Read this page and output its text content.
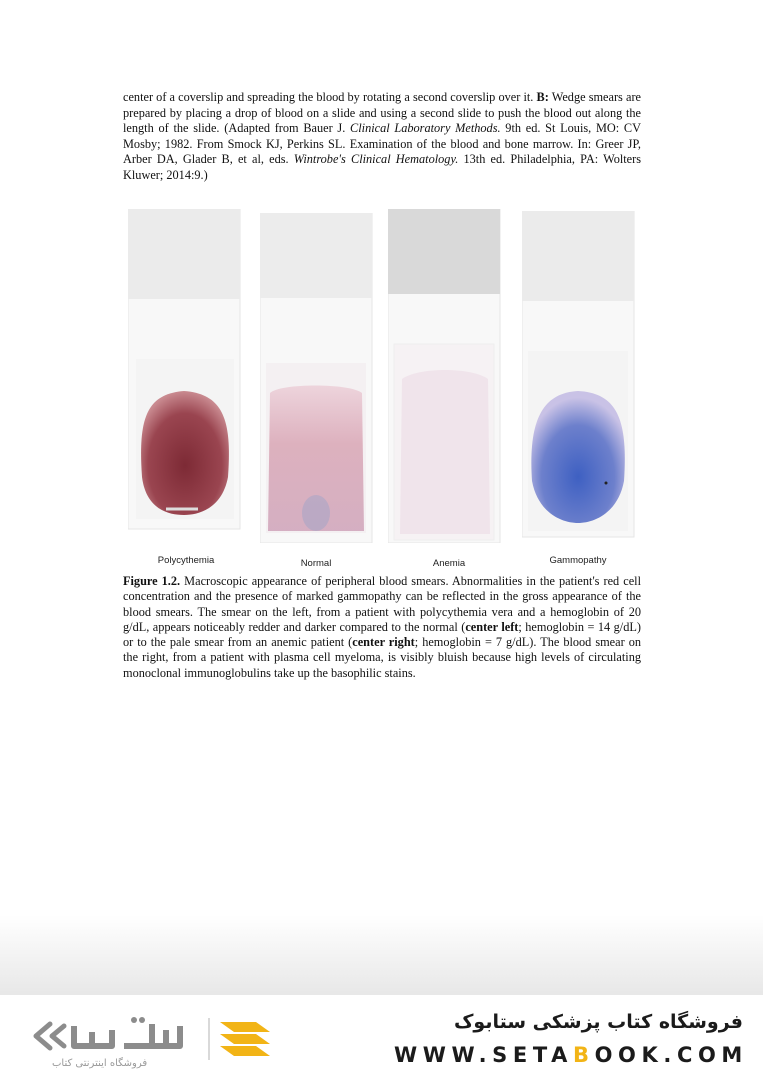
center of a coverslip and spreading the blood by rotating a second coverslip over it. B: Wedge smears are prepared by placing a drop of blood on a slide and using a second slide to push the blood out along the length of the slide. (Adapted from Bauer J. Clinical Laboratory Methods. 9th ed. St Louis, MO: CV Mosby; 1982. From Smock KJ, Perkins SL. Examination of the blood and bone marrow. In: Greer JP, Arber DA, Glader B, et al, eds. Wintrobe's Clinical Hematology. 13th ed. Philadelphia, PA: Wolters Kluwer; 2014:9.)
Polycythemia	Normal	Anemia	Gammopathy
Figure 1.2. Macroscopic appearance of peripheral blood smears. Abnormalities in the patient's red cell concentration and the presence of marked gammopathy can be reflected in the gross appearance of the blood smears. The smear on the left, from a patient with polycythemia vera and a hemoglobin of 20 g/dL, appears noticeably redder and darker compared to the normal (center left; hemoglobin = 14 g/dL) or to the pale smear from an anemic patient (center right; hemoglobin = 7 g/dL). The blood smear on the right, from a patient with plasma cell myeloma, is visibly bluish because high levels of circulating monoclonal immunoglobulins take up the basophilic stains.
فروشگاه اینترنتی کتاب
فروشگاه کتاب پزشکی ستابوک
WWW.SETABOOK.COM
